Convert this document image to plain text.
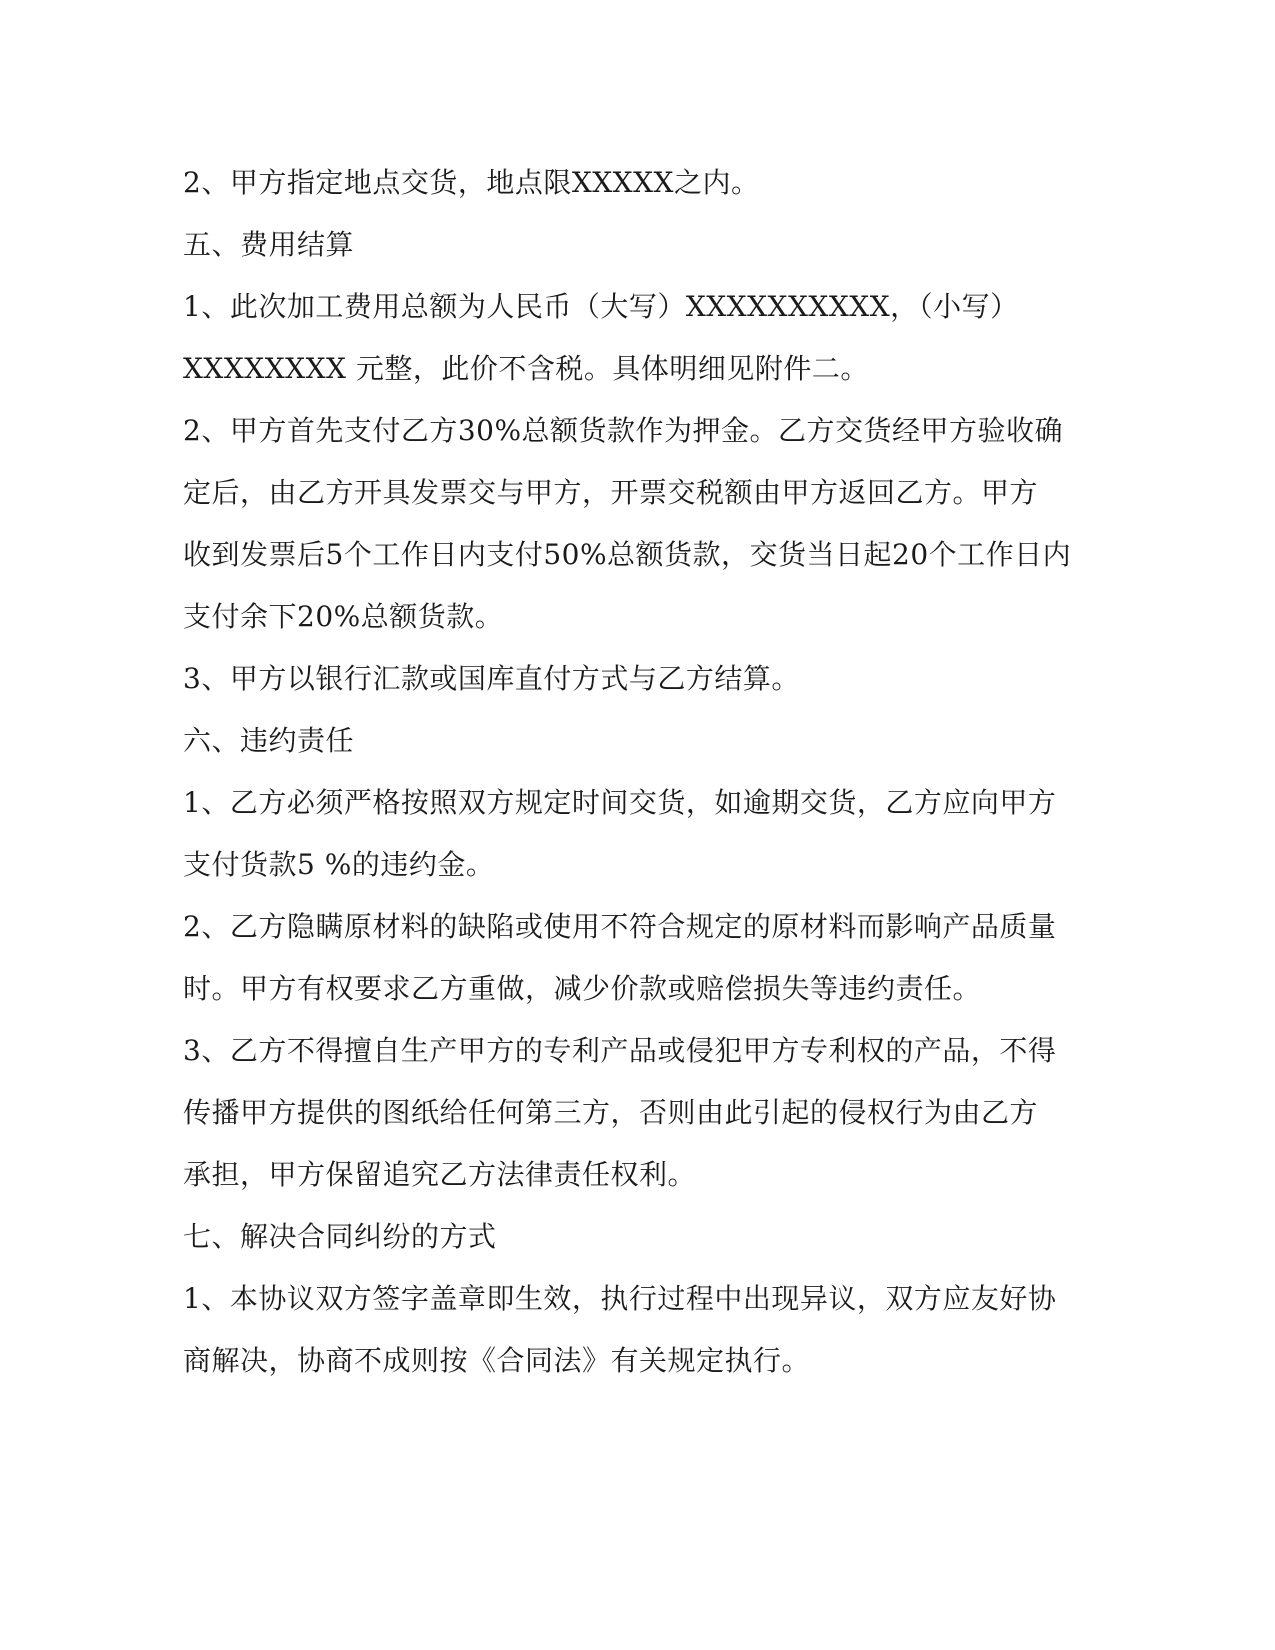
2、甲方指定地点交货，地点限XXXXX之内。
五、费用结算
1、此次加工费用总额为人民币（大写）XXXXXXXXXX，（小写）
XXXXXXXX 元整，此价不含税。具体明细见附件二。
2、甲方首先支付乙方30%总额货款作为押金。乙方交货经甲方验收确
定后，由乙方开具发票交与甲方，开票交税额由甲方返回乙方。甲方
收到发票后5个工作日内支付50%总额货款，交货当日起20个工作日内
支付余下20%总额货款。
3、甲方以银行汇款或国库直付方式与乙方结算。
六、违约责任
1、乙方必须严格按照双方规定时间交货，如逾期交货，乙方应向甲方
支付货款5 %的违约金。
2、乙方隐瞒原材料的缺陷或使用不符合规定的原材料而影响产品质量
时。甲方有权要求乙方重做，减少价款或赔偿损失等违约责任。
3、乙方不得擅自生产甲方的专利产品或侵犯甲方专利权的产品，不得
传播甲方提供的图纸给任何第三方，否则由此引起的侵权行为由乙方
承担，甲方保留追究乙方法律责任权利。
七、解决合同纠纷的方式
1、本协议双方签字盖章即生效，执行过程中出现异议，双方应友好协
商解决，协商不成则按《合同法》有关规定执行。
